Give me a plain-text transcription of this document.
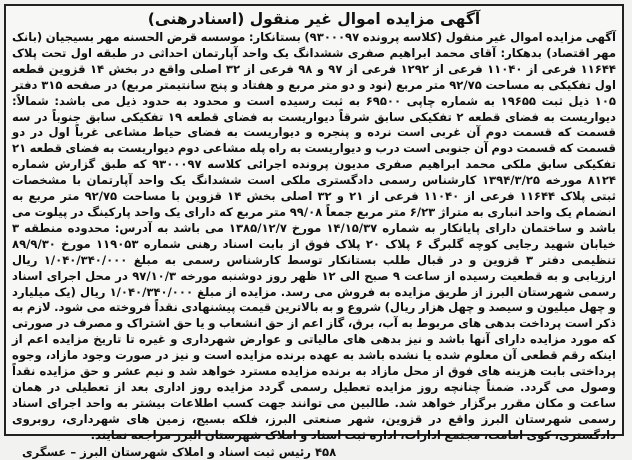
آگهی مزایده اموال غیر منقول (اسنادرهنی)
آگهی مزایده اموال غیر منقول (کلاسه پرونده ۹۳۰۰۰۹۷) بستانکار: موسسه قرض الحسنه مهر بسیجیان (بانک مهر اقتصاد) بدهکار: آقای محمد ابراهیم صفری ششدانگ یک واحد آپارتمان احداثی در طبقه اول تحت پلاک ۱۱۶۴۴ فرعی از ۱۱۰۴۰ فرعی از ۱۲۹۲ فرعی از ۹۷ و ۹۸ فرعی از ۳۲ اصلی واقع در بخش ۱۴ قزوین قطعه اول تفکیکی به مساحت ۹۲/۷۵ متر مربع (نود و دو متر مربع و هفتاد و پنج سانتیمتر مربع) در صفحه ۳۱۵ دفتر ۱۰۵ ذیل ثبت ۱۹۶۵۵ به شماره چاپی ۶۹۵۰۰ به ثبت رسیده است و محدود به حدود ذیل می باشد: شمالاً: دیواریست به فضای قطعه ۲ تفکیکی سابق شرقاً دیواریست به فضای قطعه ۱۹ تفکیکی سابق جنوباً در سه قسمت که قسمت دوم آن غربی است نرده و پنجره و دیواریست به فضای حیاط مشاعی غرباً اول در دو قسمت که قسمت دوم آن جنوبی است درب و دیواریست به راه پله مشاعی دوم دیواریست به فضای قطعه ۲۱ تفکیکی سابق ملکی محمد ابراهیم صفری مدیون پرونده اجرائی کلاسه ۹۳۰۰۰۹۷ که طبق گزارش شماره ۸۱۲۴ مورخه ۱۳۹۴/۳/۲۵ کارشناس رسمی دادگستری ملکی است ششدانگ یک واحد آپارتمان با مشخصات ثبتی پلاک ۱۱۶۴۴ فرعی از ۱۱۰۴۰ فرعی از ۲۱ و ۳۲ اصلی بخش ۱۴ قزوین با مساحت ۹۲/۷۵ متر مربع به انضمام یک واحد انباری به متراژ ۶/۲۳ متر مربع جمعاً ۹۹/۰۸ متر مربع که دارای یک واحد پارکینگ در پیلوت می باشد و ساختمان دارای پایانکار به شماره ۱۴/۱۵/۳۷ مورخ ۱۳۸۵/۱۲/۷ می باشد به آدرس: محدوده منطقه ۳ خیابان شهید رجایی کوچه گلبرگ ۶ پلاک ۲۰ پلاک فوق از بابت اسناد رهنی شماره ۱۱۹۰۵۳ مورخ ۸۹/۹/۳۰ تنظیمی دفتر ۳ قزوین و در قبال طلب بستانکار توسط کارشناس رسمی به مبلغ ۱/۰۴۰/۳۴۰/۰۰۰ ریال ارزیابی و به قطعیت رسیده از ساعت ۹ صبح الی ۱۲ ظهر روز دوشنبه مورخه ۹۷/۱۰/۳ در محل اجرای اسناد رسمی شهرستان البرز از طریق مزایده به فروش می رسد. مزایده از مبلغ ۱/۰۴۰/۳۴۰/۰۰۰ ریال (یک میلیارد و چهل میلیون و سیصد و چهل هزار ریال) شروع و به بالاترین قیمت پیشنهادی نقداً فروخته می شود. لازم به ذکر است پرداخت بدهی های مربوط به آب، برق، گاز اعم از حق انشعاب و یا حق اشتراک و مصرف در صورتی که مورد مزایده دارای آنها باشد و نیز بدهی های مالیاتی و عوارض شهرداری و غیره تا تاریخ مزایده اعم از اینکه رقم قطعی آن معلوم شده یا نشده باشد به عهده برنده مزایده است و نیز در صورت وجود مازاد، وجوه پرداختی بابت هزینه های فوق از محل مازاد به برنده مزایده مسترد خواهد شد و نیم عشر و حق مزایده نقداً وصول می گردد. ضمناً چنانچه روز مزایده تعطیل رسمی گردد مزایده روز اداری بعد از تعطیلی در همان ساعت و مکان مقرر برگزار خواهد شد. طالبین می توانند جهت کسب اطلاعات بیشتر به واحد اجرای اسناد رسمی شهرستان البرز واقع در قزوین، شهر صنعتی البرز، فلکه بسیج، زمین های شهرداری، روبروی دادگستری، کوی امامت، مجتمع ادارات، اداره ثبت اسناد و املاک شهرستان البرز مراجعه نمایند.
۴۵۸ رئیس ثبت اسناد و املاک شهرستان البرز – عسگری
